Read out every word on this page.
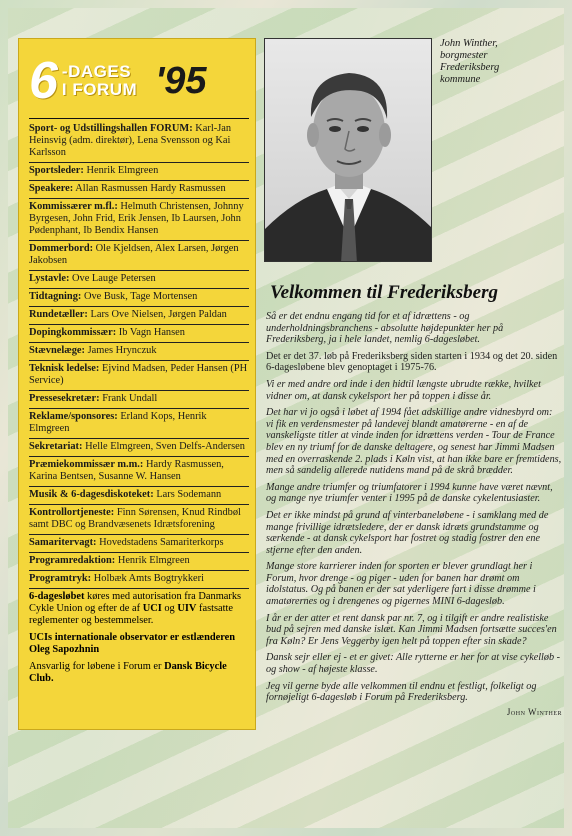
6 -DAGES
I FORUM '95
Sport- og Udstillingshallen FORUM: Karl-Jan Heinsvig (adm. direktør), Lena Svensson og Kai Karlsson
Sportsleder: Henrik Elmgreen
Speakere: Allan Rasmussen Hardy Rasmussen
Kommissærer m.fl.: Helmuth Christensen, Johnny Byrgesen, John Frid, Erik Jensen, Ib Laursen, John Pødenphant, Ib Bendix Hansen
Dommerbord: Ole Kjeldsen, Alex Larsen, Jørgen Jakobsen
Lystavle: Ove Lauge Petersen
Tidtagning: Ove Busk, Tage Mortensen
Rundetæller: Lars Ove Nielsen, Jørgen Paldan
Dopingkommissær: Ib Vagn Hansen
Stævnelæge: James Hrynczuk
Teknisk ledelse: Ejvind Madsen, Peder Hansen (PH Service)
Pressesekretær: Frank Undall
Reklame/sponsores: Erland Kops, Henrik Elmgreen
Sekretariat: Helle Elmgreen, Sven Delfs-Andersen
Præmiekommissær m.m.: Hardy Rasmussen, Karina Bentsen, Susanne W. Hansen
Musik & 6-dagesdiskoteket: Lars Sodemann
Kontrollortjeneste: Finn Sørensen, Knud Rindbøl samt DBC og Brandvæsenets Idrætsforening
Samaritervagt: Hovedstadens Samariterkorps
Programredaktion: Henrik Elmgreen
Programtryk: Holbæk Amts Bogtrykkeri
6-dagesløbet køres med autorisation fra Danmarks Cykle Union og efter de af UCI og UIV fastsatte reglementer og bestemmelser.
UCIs internationale observator er estlænderen Oleg Sapozhnin
Ansvarlig for løbene i Forum er Dansk Bicycle Club.
John Winther,
borgmester
Frederiksberg
kommune
Velkommen til Frederiksberg

Så er det endnu engang tid for et af idrættens - og underholdningsbranchens - absolutte højdepunkter her på Frederiksberg, ja i hele landet, nemlig 6-dagesløbet.

Det er det 37. løb på Frederiksberg siden starten i 1934 og det 20. siden 6-dagesløbene blev genoptaget i 1975-76.

Vi er med andre ord inde i den hidtil længste ubrudte række, hvilket vidner om, at dansk cykelsport her på toppen i disse år.

Det har vi jo også i løbet af 1994 fået adskillige andre vidnesbyrd om: vi fik en verdensmester på landevej blandt amatørerne - en af de vanskeligste titler at vinde inden for idrættens verden - Tour de France blev en ny triumf for de danske deltagere, og senest har Jimmi Madsen med en overraskende 2. plads i Køln vist, at han ikke bare er fremtidens, men så sandelig allerede nutidens mand på de skrå brædder.

Mange andre triumfer og triumfatorer i 1994 kunne have været nævnt, og mange nye triumfer venter i 1995 på de danske cykelentusiaster.

Det er ikke mindst på grund af vinterbaneløbene - i samklang med de mange frivillige idrætsledere, der er dansk idræts grundstamme og særkende - at dansk cykelsport har fostret og stadig fostrer den ene stjerne efter den anden.

Mange store karrierer inden for sporten er blever grundlagt her i Forum, hvor drenge - og piger - uden for banen har drømt om idolstatus. Og på banen er der sat yderligere fart i disse drømme i amatørernes og i drengenes og pigernes MINI 6-dagesløb.

I år er der atter et rent dansk par nr. 7, og i tilgift er andre realistiske bud på sejren med danske islæt. Kan Jimmi Madsen fortsætte succes'en fra Køln? Er Jens Veggerby igen helt på toppen efter sin skade?

Dansk sejr eller ej - et er givet: Alle rytterne er her for at vise cykelløb - og show - af højeste klasse.

Jeg vil gerne byde alle velkommen til endnu et festligt, folkeligt og fornøjeligt 6-dagesløb i Forum på Frederiksberg.

John Winther
